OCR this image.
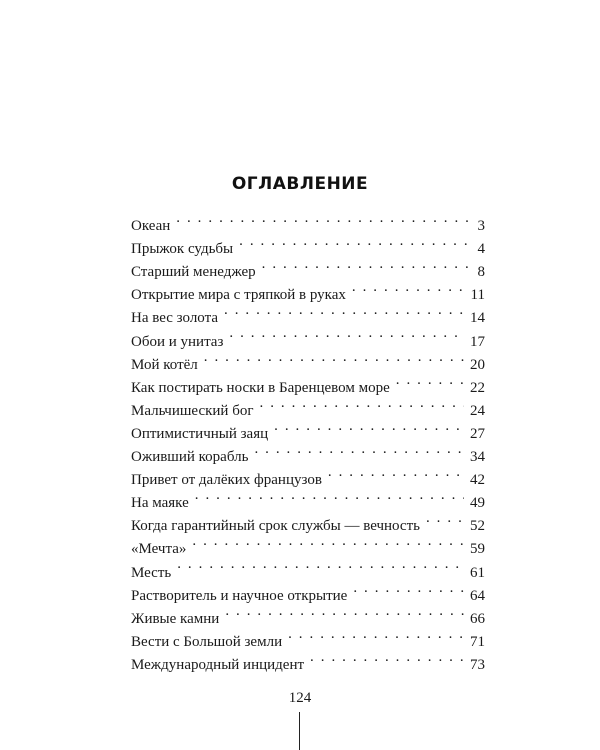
ОГЛАВЛЕНИЕ
Океан . . .	3
Прыжок судьбы . . .	4
Старший менеджер . . .	8
Открытие мира с тряпкой в руках . . .	11
На вес золота . . .	14
Обои и унитаз . . .	17
Мой котёл . . .	20
Как постирать носки в Баренцевом море . . .	22
Мальчишеский бог . . .	24
Оптимистичный заяц . . .	27
Оживший корабль . . .	34
Привет от далёких французов . . .	42
На маяке . . .	49
Когда гарантийный срок службы — вечность . . .	52
«Мечта» . . .	59
Месть . . .	61
Растворитель и научное открытие . . .	64
Живые камни . . .	66
Вести с Большой земли . . .	71
Международный инцидент . . .	73
124
